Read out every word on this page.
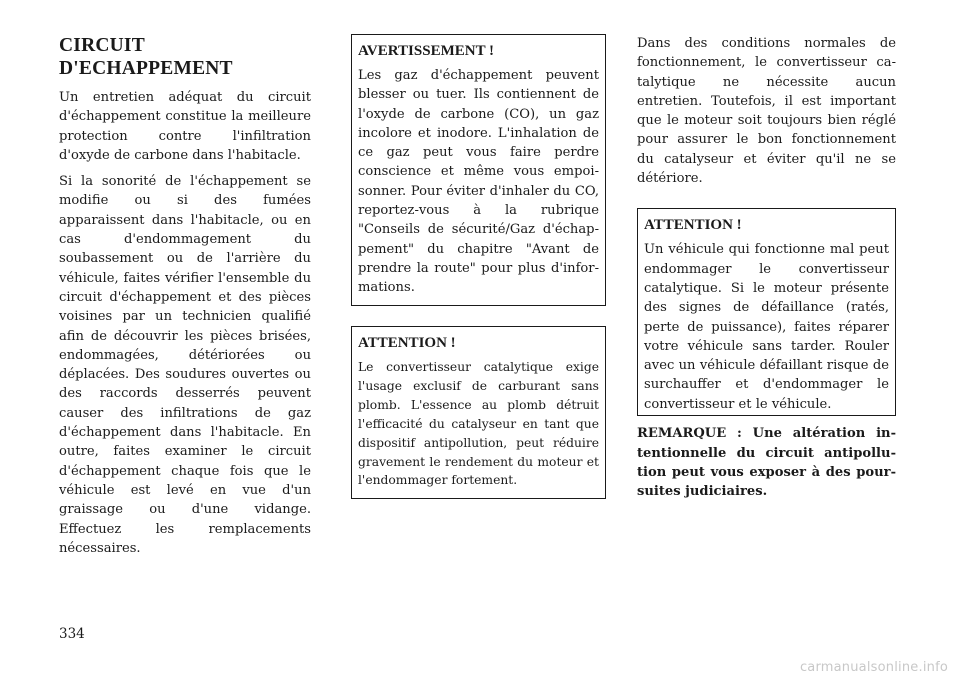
CIRCUIT
D'ECHAPPEMENT

Un entretien adéquat du circuit d'échappement constitue la meilleure protection contre l'infiltration d'oxyde de carbone dans l'habitacle.

Si la sonorité de l'échappement se modifie ou si des fumées apparaissent dans l'habitacle, ou en cas d'endommagement du soubassement ou de l'arrière du véhicule, faites vérifier l'ensemble du circuit d'échappement et des pièces voisines par un technicien qualifié afin de découvrir les pièces brisées, endommagées, détériorées ou déplacées. Des soudures ouvertes ou des raccords desserrés peuvent causer des infiltrations de gaz d'échappement dans l'habitacle. En outre, faites examiner le circuit d'échappement chaque fois que le véhicule est levé en vue d'un graissage ou d'une vidange. Effectuez les remplacements nécessaires.

AVERTISSEMENT !

Les gaz d'échappement peuvent blesser ou tuer. Ils contiennent de l'oxyde de carbone (CO), un gaz incolore et inodore. L'inhalation de ce gaz peut vous faire perdre conscience et même vous empoisonner. Pour éviter d'inhaler du CO, reportez-vous à la rubrique "Conseils de sécurité/Gaz d'échappement" du chapitre "Avant de prendre la route" pour plus d'informations.

ATTENTION !

Le convertisseur catalytique exige l'usage exclusif de carburant sans plomb. L'essence au plomb détruit l'efficacité du catalyseur en tant que dispositif antipollution, peut réduire gravement le rendement du moteur et l'endommager fortement.

Dans des conditions normales de fonctionnement, le convertisseur catalytique ne nécessite aucun entretien. Toutefois, il est important que le moteur soit toujours bien réglé pour assurer le bon fonctionnement du catalyseur et éviter qu'il ne se détériore.

ATTENTION !

Un véhicule qui fonctionne mal peut endommager le convertisseur catalytique. Si le moteur présente des signes de défaillance (ratés, perte de puissance), faites réparer votre véhicule sans tarder. Rouler avec un véhicule défaillant risque de surchauffer et d'endommager le convertisseur et le véhicule.

REMARQUE : Une altération intentionnelle du circuit antipollution peut vous exposer à des poursuites judiciaires.

334
carmanualsonline.info
